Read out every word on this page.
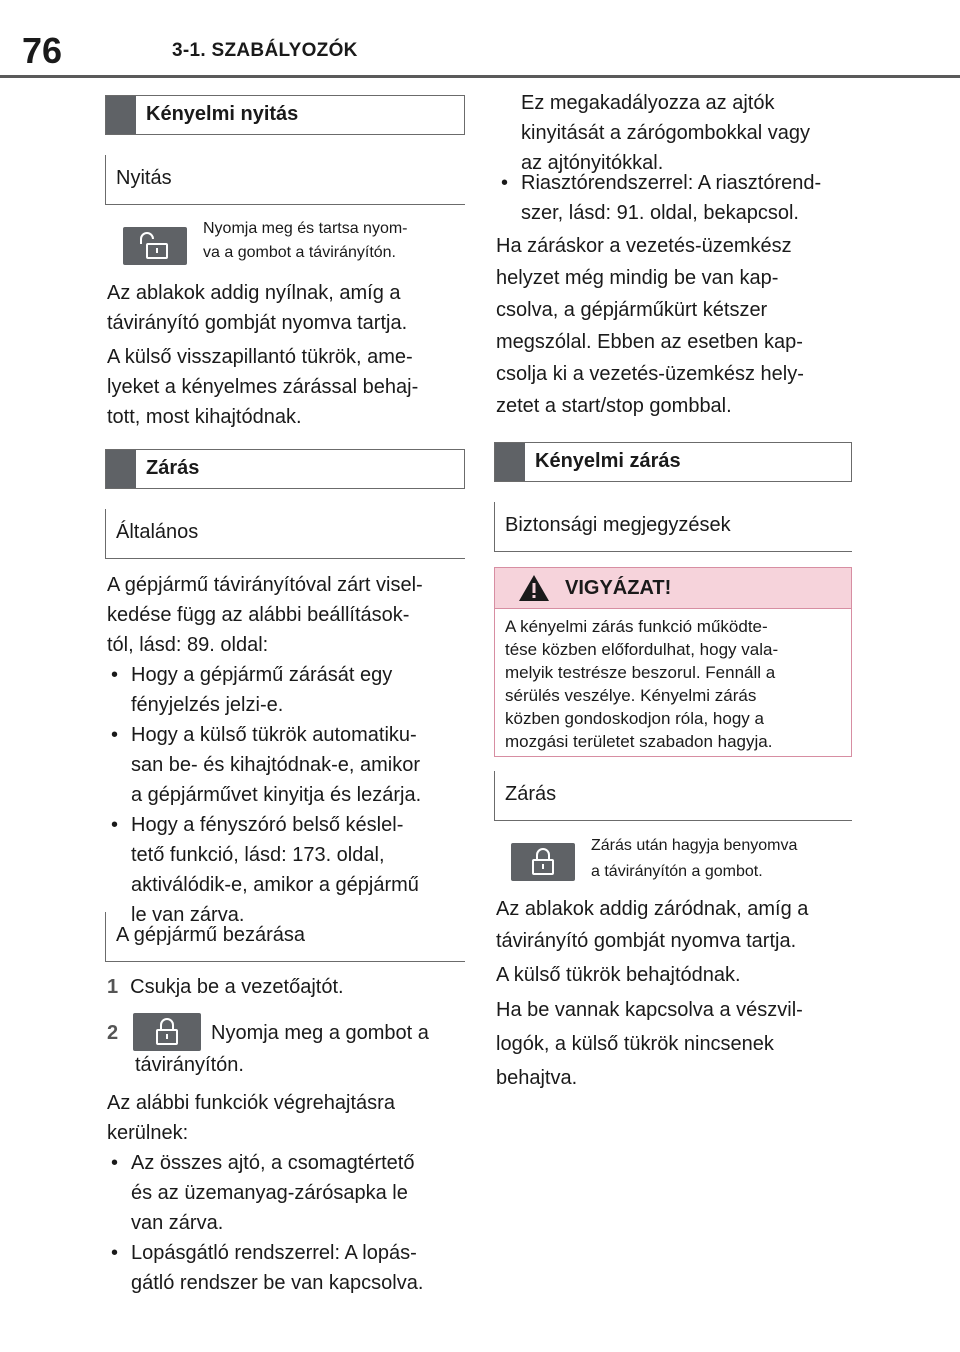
76	3-1. SZABÁLYOZÓK
Kényelmi nyitás
Nyitás
Nyomja meg és tartsa nyom-
va a gombot a távirányítón.
Az ablakok addig nyílnak, amíg a
távirányító gombját nyomva tartja.
A külső visszapillantó tükrök, ame-
lyeket a kényelmes zárással behaj-
tott, most kihajtódnak.
Zárás
Általános
A gépjármű távirányítóval zárt visel-
kedése függ az alábbi beállítások-
tól, lásd: 89. oldal:
• Hogy a gépjármű zárását egy
fényjelzés jelzi-e.
• Hogy a külső tükrök automatiku-
san be- és kihajtódnak-e, amikor
a gépjárművet kinyitja és lezárja.
• Hogy a fényszóró belső késlel-
tető funkció, lásd: 173. oldal,
aktiválódik-e, amikor a gépjármű
le van zárva.
A gépjármű bezárása
1 Csukja be a vezetőajtót.
2	Nyomja meg a gombot a
távirányítón.
Az alábbi funkciók végrehajtásra
kerülnek:
• Az összes ajtó, a csomagtértető
és az üzemanyag-zárósapka le
van zárva.
• Lopásgátló rendszerrel: A lopás-
gátló rendszer be van kapcsolva.
Ez megakadályozza az ajtók
kinyitását a zárógombokkal vagy
az ajtónyitókkal.
• Riasztórendszerrel: A riasztórend-
szer, lásd: 91. oldal, bekapcsol.
Ha záráskor a vezetés-üzemkész
helyzet még mindig be van kap-
csolva, a gépjárműkürt kétszer
megszólal. Ebben az esetben kap-
csolja ki a vezetés-üzemkész hely-
zetet a start/stop gombbal.
Kényelmi zárás
Biztonsági megjegyzések
VIGYÁZAT!
A kényelmi zárás funkció működte-
tése közben előfordulhat, hogy vala-
melyik testrésze beszorul. Fennáll a
sérülés veszélye. Kényelmi zárás
közben gondoskodjon róla, hogy a
mozgási területet szabadon hagyja.
Zárás
Zárás után hagyja benyomva
a távirányítón a gombot.
Az ablakok addig záródnak, amíg a
távirányító gombját nyomva tartja.
A külső tükrök behajtódnak.
Ha be vannak kapcsolva a vészvil-
logók, a külső tükrök nincsenek
behajtva.
